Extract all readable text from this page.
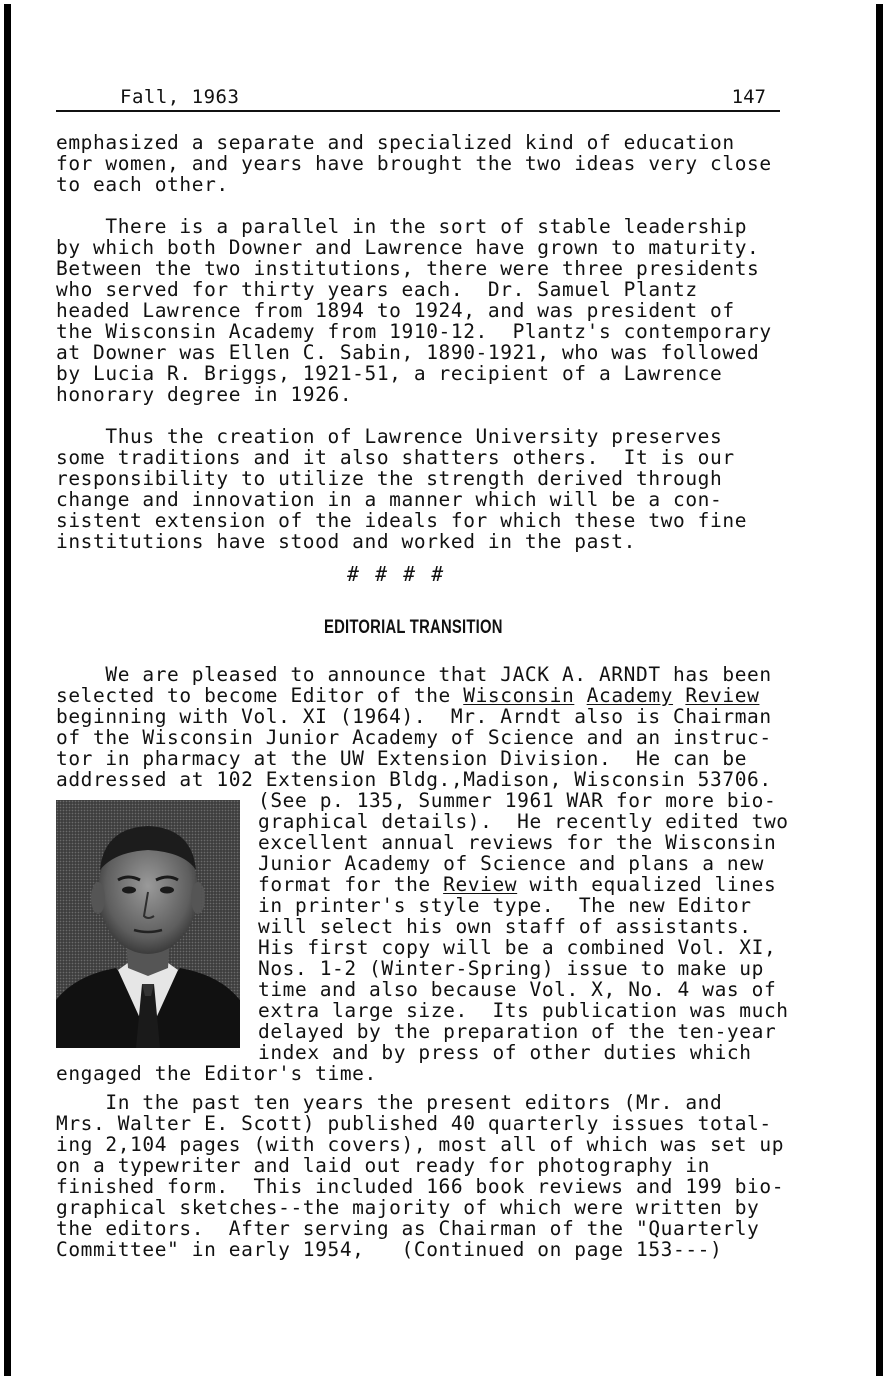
Fall, 1963	147
emphasized a separate and specialized kind of education
for women, and years have brought the two ideas very close
to each other.
There is a parallel in the sort of stable leadership
by which both Downer and Lawrence have grown to maturity.
Between the two institutions, there were three presidents
who served for thirty years each.  Dr. Samuel Plantz
headed Lawrence from 1894 to 1924, and was president of
the Wisconsin Academy from 1910-12.  Plantz's contemporary
at Downer was Ellen C. Sabin, 1890-1921, who was followed
by Lucia R. Briggs, 1921-51, a recipient of a Lawrence
honorary degree in 1926.
Thus the creation of Lawrence University preserves
some traditions and it also shatters others.  It is our
responsibility to utilize the strength derived through
change and innovation in a manner which will be a con-
sistent extension of the ideals for which these two fine
institutions have stood and worked in the past.
# # # #
EDITORIAL TRANSITION
We are pleased to announce that JACK A. ARNDT has been
selected to become Editor of the Wisconsin Academy Review
beginning with Vol. XI (1964).  Mr. Arndt also is Chairman
of the Wisconsin Junior Academy of Science and an instruc-
tor in pharmacy at the UW Extension Division.  He can be
addressed at 102 Extension Bldg.,Madison, Wisconsin 53706.
(See p. 135, Summer 1961 WAR for more bio-
graphical details).  He recently edited two
excellent annual reviews for the Wisconsin
Junior Academy of Science and plans a new
format for the Review with equalized lines
in printer's style type.  The new Editor
will select his own staff of assistants.
His first copy will be a combined Vol. XI,
Nos. 1-2 (Winter-Spring) issue to make up
time and also because Vol. X, No. 4 was of
extra large size.  Its publication was much
delayed by the preparation of the ten-year
index and by press of other duties which
engaged the Editor's time.
In the past ten years the present editors (Mr. and
Mrs. Walter E. Scott) published 40 quarterly issues total-
ing 2,104 pages (with covers), most all of which was set up
on a typewriter and laid out ready for photography in
finished form.  This included 166 book reviews and 199 bio-
graphical sketches--the majority of which were written by
the editors.  After serving as Chairman of the "Quarterly
Committee" in early 1954,   (Continued on page 153---)
